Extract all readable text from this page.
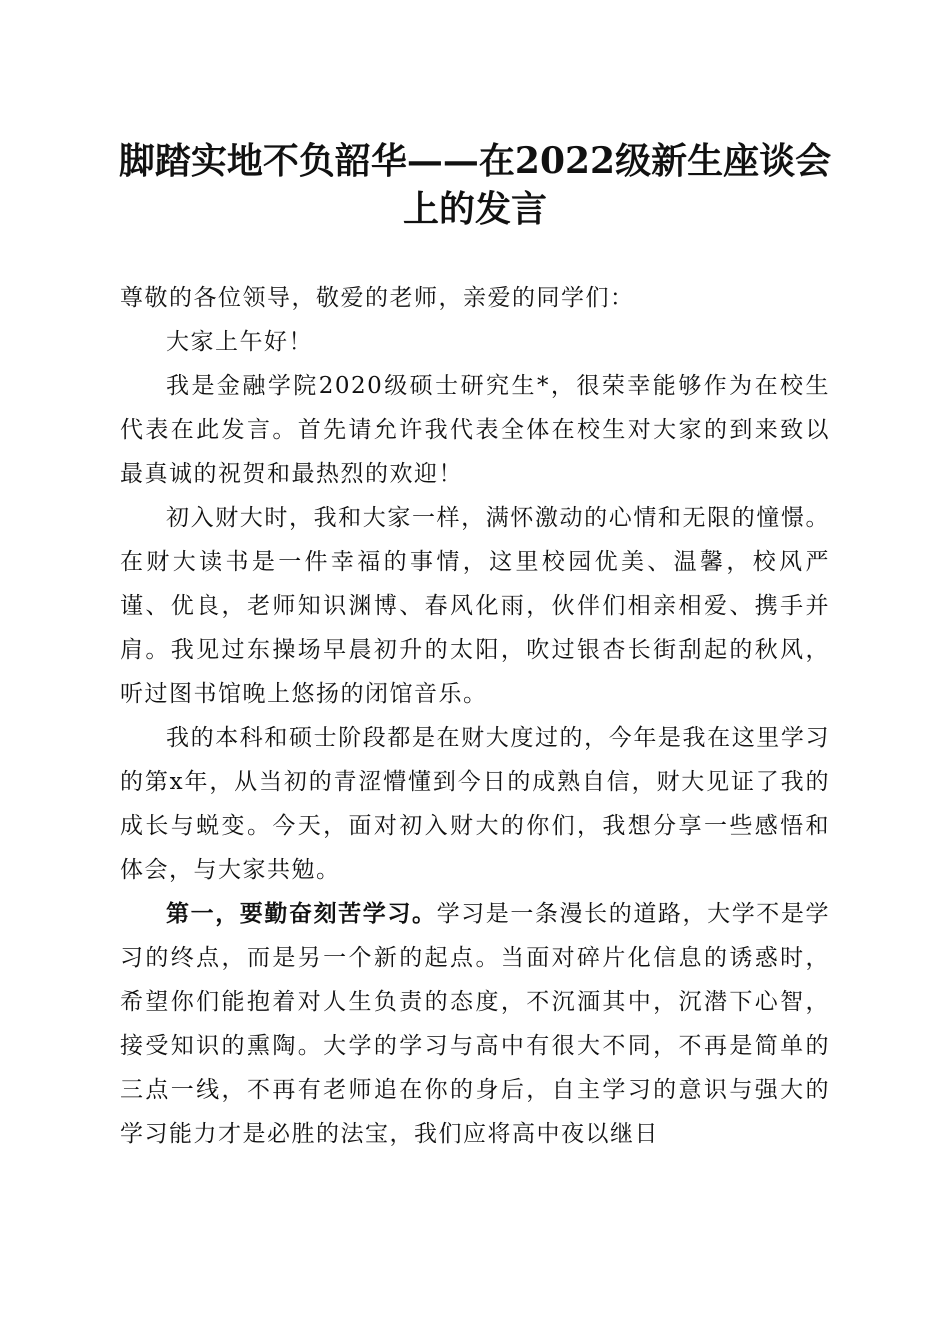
脚踏实地不负韶华——在2022级新生座谈会
上的发言

尊敬的各位领导，敬爱的老师，亲爱的同学们：

大家上午好！

我是金融学院2020级硕士研究生*，很荣幸能够作为在校生代表在此发言。首先请允许我代表全体在校生对大家的到来致以最真诚的祝贺和最热烈的欢迎！

初入财大时，我和大家一样，满怀激动的心情和无限的憧憬。在财大读书是一件幸福的事情，这里校园优美、温馨，校风严谨、优良，老师知识渊博、春风化雨，伙伴们相亲相爱、携手并肩。我见过东操场早晨初升的太阳，吹过银杏长街刮起的秋风，听过图书馆晚上悠扬的闭馆音乐。

我的本科和硕士阶段都是在财大度过的，今年是我在这里学习的第x年，从当初的青涩懵懂到今日的成熟自信，财大见证了我的成长与蜕变。今天，面对初入财大的你们，我想分享一些感悟和体会，与大家共勉。

第一，要勤奋刻苦学习。学习是一条漫长的道路，大学不是学习的终点，而是另一个新的起点。当面对碎片化信息的诱惑时，希望你们能抱着对人生负责的态度，不沉湎其中，沉潜下心智，接受知识的熏陶。大学的学习与高中有很大不同，不再是简单的三点一线，不再有老师追在你的身后，自主学习的意识与强大的学习能力才是必胜的法宝，我们应将高中夜以继日
